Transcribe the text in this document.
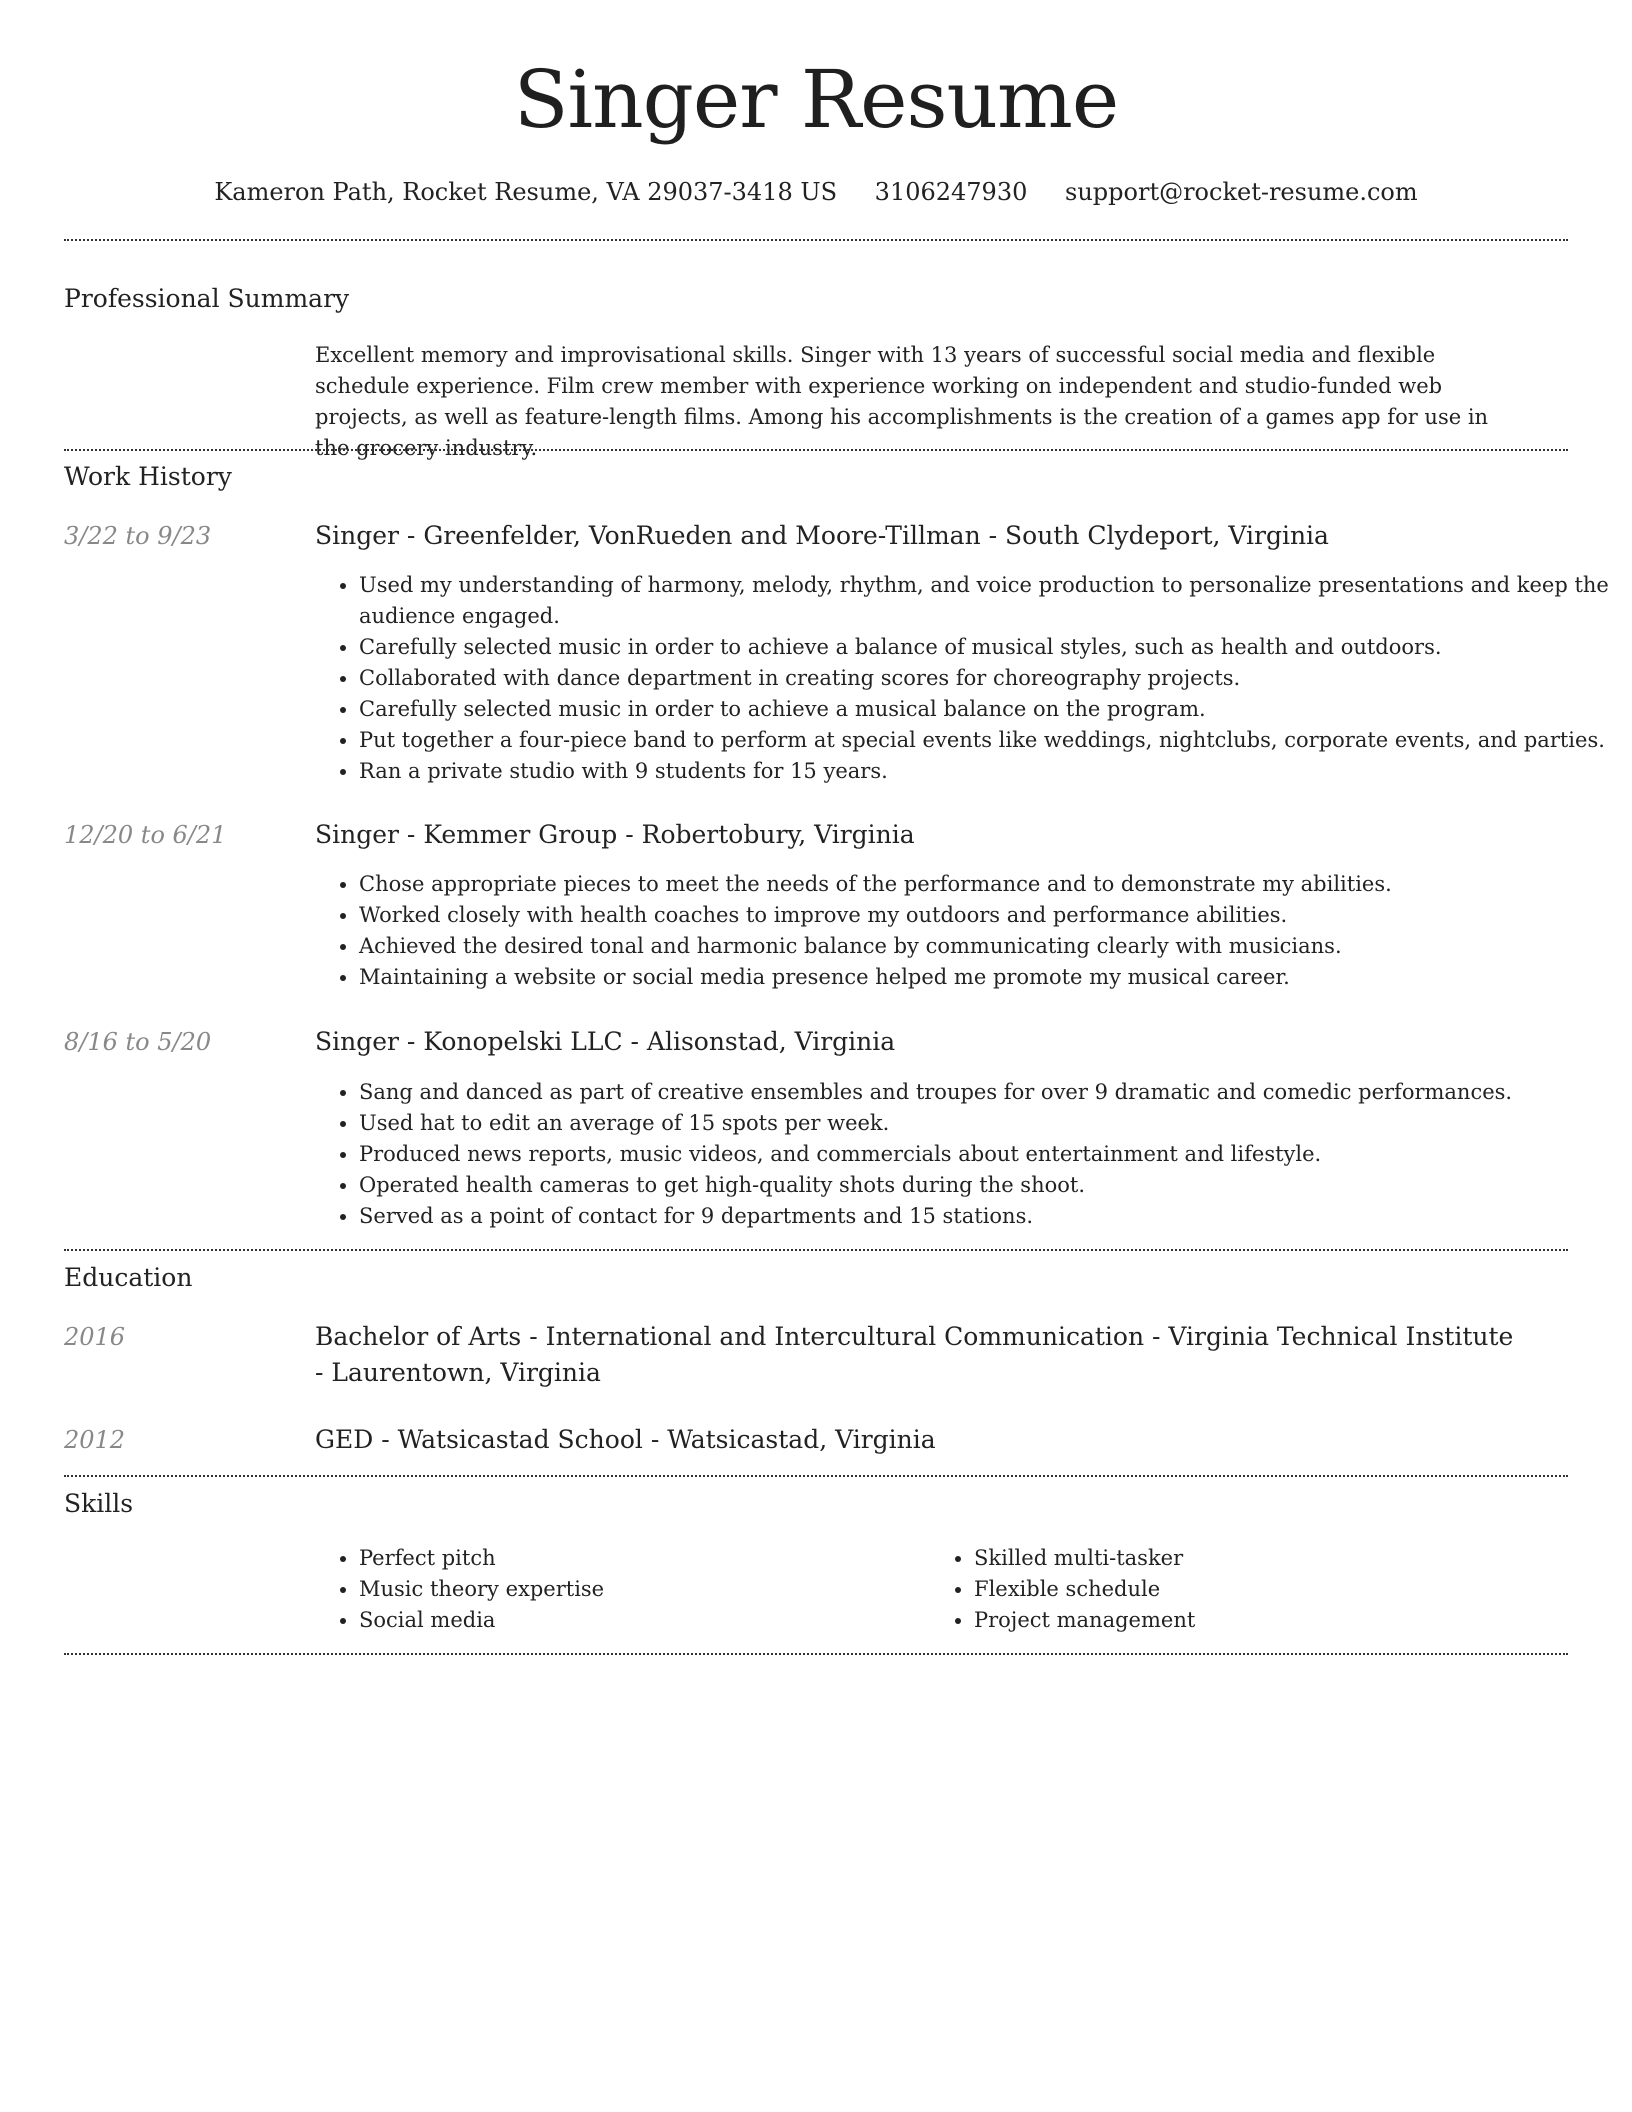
Singer Resume
Kameron Path, Rocket Resume, VA 29037-3418 US 3106247930 support@rocket-resume.com
Professional Summary

Excellent memory and improvisational skills. Singer with 13 years of successful social media and flexible schedule experience. Film crew member with experience working on independent and studio-funded web projects, as well as feature-length films. Among his accomplishments is the creation of a games app for use in the grocery industry.

Work History
3/22 to 9/23	Singer - Greenfelder, VonRueden and Moore-Tillman - South Clydeport, Virginia
• Used my understanding of harmony, melody, rhythm, and voice production to personalize presentations and keep the audience engaged.
• Carefully selected music in order to achieve a balance of musical styles, such as health and outdoors.
• Collaborated with dance department in creating scores for choreography projects.
• Carefully selected music in order to achieve a musical balance on the program.
• Put together a four-piece band to perform at special events like weddings, nightclubs, corporate events, and parties.
• Ran a private studio with 9 students for 15 years.
12/20 to 6/21	Singer - Kemmer Group - Robertobury, Virginia
• Chose appropriate pieces to meet the needs of the performance and to demonstrate my abilities.
• Worked closely with health coaches to improve my outdoors and performance abilities.
• Achieved the desired tonal and harmonic balance by communicating clearly with musicians.
• Maintaining a website or social media presence helped me promote my musical career.
8/16 to 5/20	Singer - Konopelski LLC - Alisonstad, Virginia
• Sang and danced as part of creative ensembles and troupes for over 9 dramatic and comedic performances.
• Used hat to edit an average of 15 spots per week.
• Produced news reports, music videos, and commercials about entertainment and lifestyle.
• Operated health cameras to get high-quality shots during the shoot.
• Served as a point of contact for 9 departments and 15 stations.
Education
2016	Bachelor of Arts - International and Intercultural Communication - Virginia Technical Institute - Laurentown, Virginia
2012	GED - Watsicastad School - Watsicastad, Virginia
Skills
• Perfect pitch
• Music theory expertise
• Social media
• Skilled multi-tasker
• Flexible schedule
• Project management
